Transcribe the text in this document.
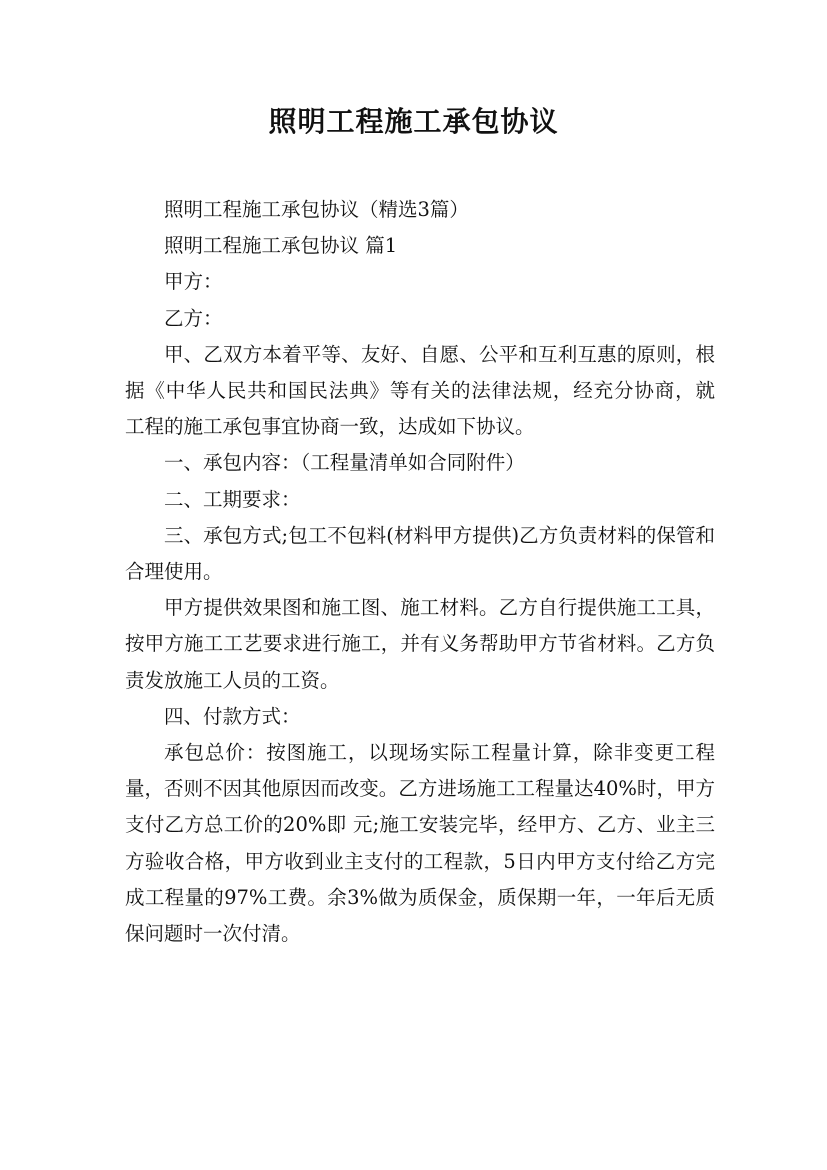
照明工程施工承包协议

照明工程施工承包协议（精选3篇）

照明工程施工承包协议 篇1

甲方：

乙方：

甲、乙双方本着平等、友好、自愿、公平和互利互惠的原则，根据《中华人民共和国民法典》等有关的法律法规，经充分协商，就 工程的施工承包事宜协商一致，达成如下协议。

一、承包内容：（工程量清单如合同附件）

二、工期要求：

三、承包方式;包工不包料(材料甲方提供)乙方负责材料的保管和合理使用。

甲方提供效果图和施工图、施工材料。乙方自行提供施工工具，按甲方施工工艺要求进行施工，并有义务帮助甲方节省材料。乙方负责发放施工人员的工资。

四、付款方式：

承包总价：按图施工，以现场实际工程量计算，除非变更工程量，否则不因其他原因而改变。乙方进场施工工程量达40%时，甲方支付乙方总工价的20%即 元;施工安装完毕，经甲方、乙方、业主三方验收合格，甲方收到业主支付的工程款，5日内甲方支付给乙方完成工程量的97%工费。余3%做为质保金，质保期一年，一年后无质保问题时一次付清。
